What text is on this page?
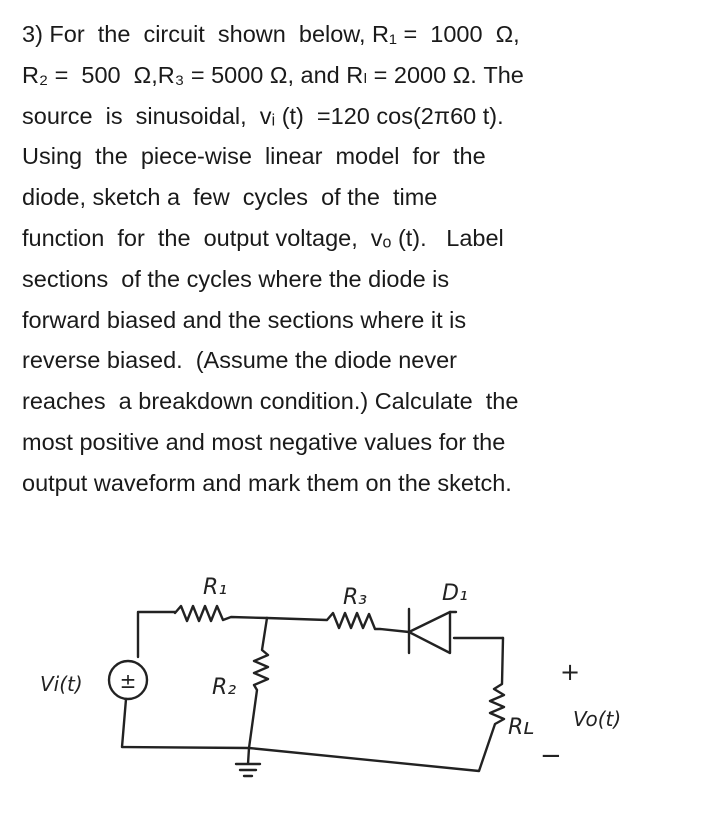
3) For  the  circuit  shown  below, R₁ =  1000  Ω,
R₂ =  500  Ω,R₃ = 5000 Ω, and Rₗ = 2000 Ω. The
source  is  sinusoidal,  vᵢ (t)  =120 cos(2π60 t).
Using  the  piece-wise  linear  model  for  the
diode, sketch a  few  cycles  of the  time
function  for  the  output voltage,  vₒ (t).   Label
sections  of the cycles where the diode is
forward biased and the sections where it is
reverse biased.  (Assume the diode never
reaches  a breakdown condition.) Calculate  the
most positive and most negative values for the
output waveform and mark them on the sketch.
±
Vi(t)
R₁
R₂
R₃	D₁
Rʟ
+
Vo(t)
−
